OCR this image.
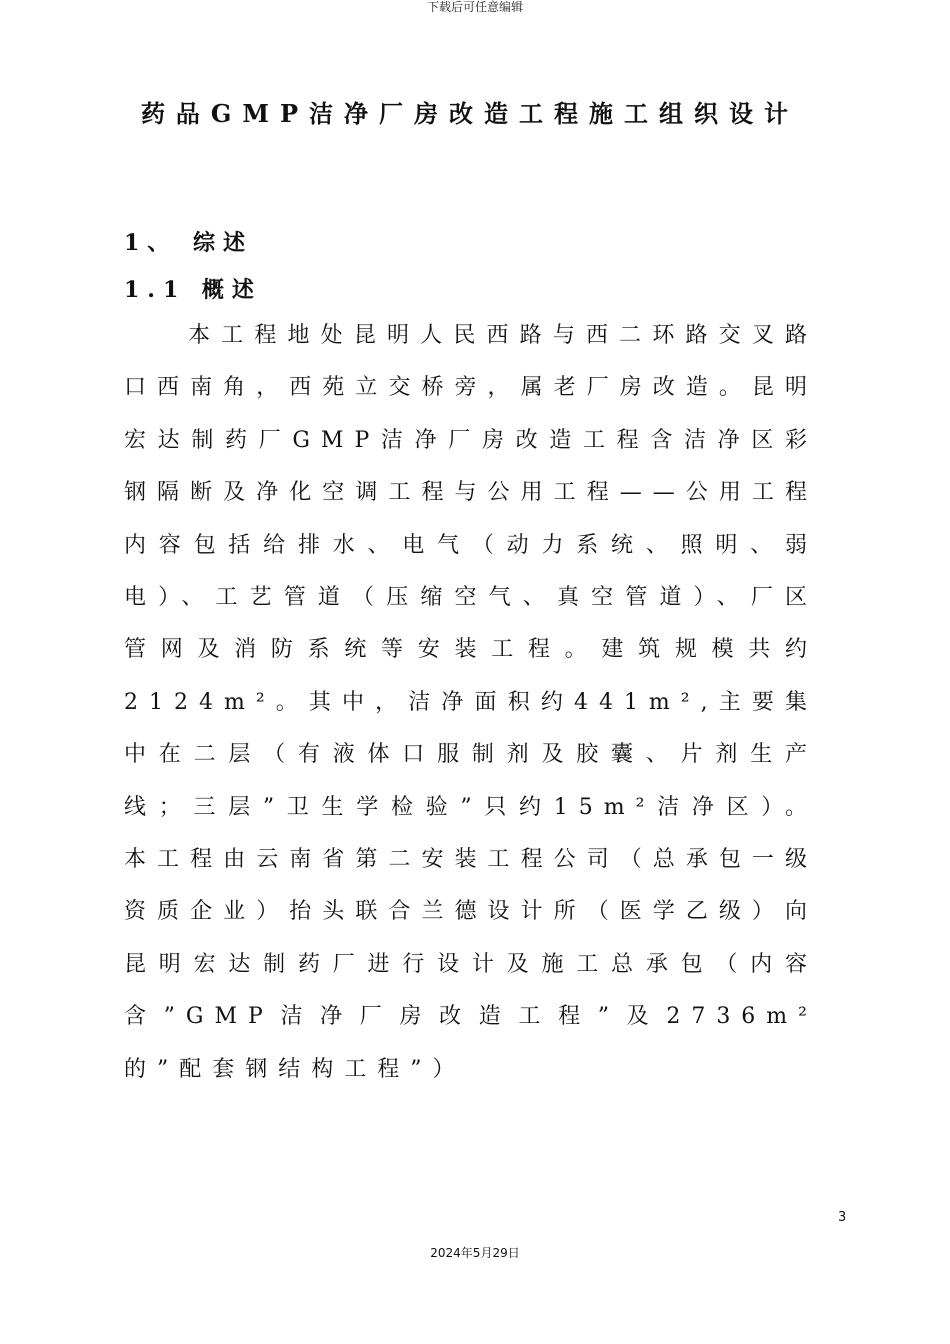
下载后可任意编辑
药品GMP洁净厂房改造工程施工组织设计
1、 综述
1.1 概述

本工程地处昆明人民西路与西二环路交叉路口西南角，西苑立交桥旁，属老厂房改造。昆明宏达制药厂GMP洁净厂房改造工程含洁净区彩钢隔断及净化空调工程与公用工程——公用工程内容包括给排水、电气（动力系统、照明、弱电）、工艺管道（压缩空气、真空管道）、厂区管网及消防系统等安装工程。建筑规模共约2124m²。其中，洁净面积约441m²,主要集中在二层（有液体口服制剂及胶囊、片剂生产线；三层”卫生学检验”只约15m²洁净区）。本工程由云南省第二安装工程公司（总承包一级资质企业）抬头联合兰德设计所（医学乙级）向昆明宏达制药厂进行设计及施工总承包（内容含”GMP洁净厂房改造工程”及2736m²的”配套钢结构工程”）

3
2024年5月29日
